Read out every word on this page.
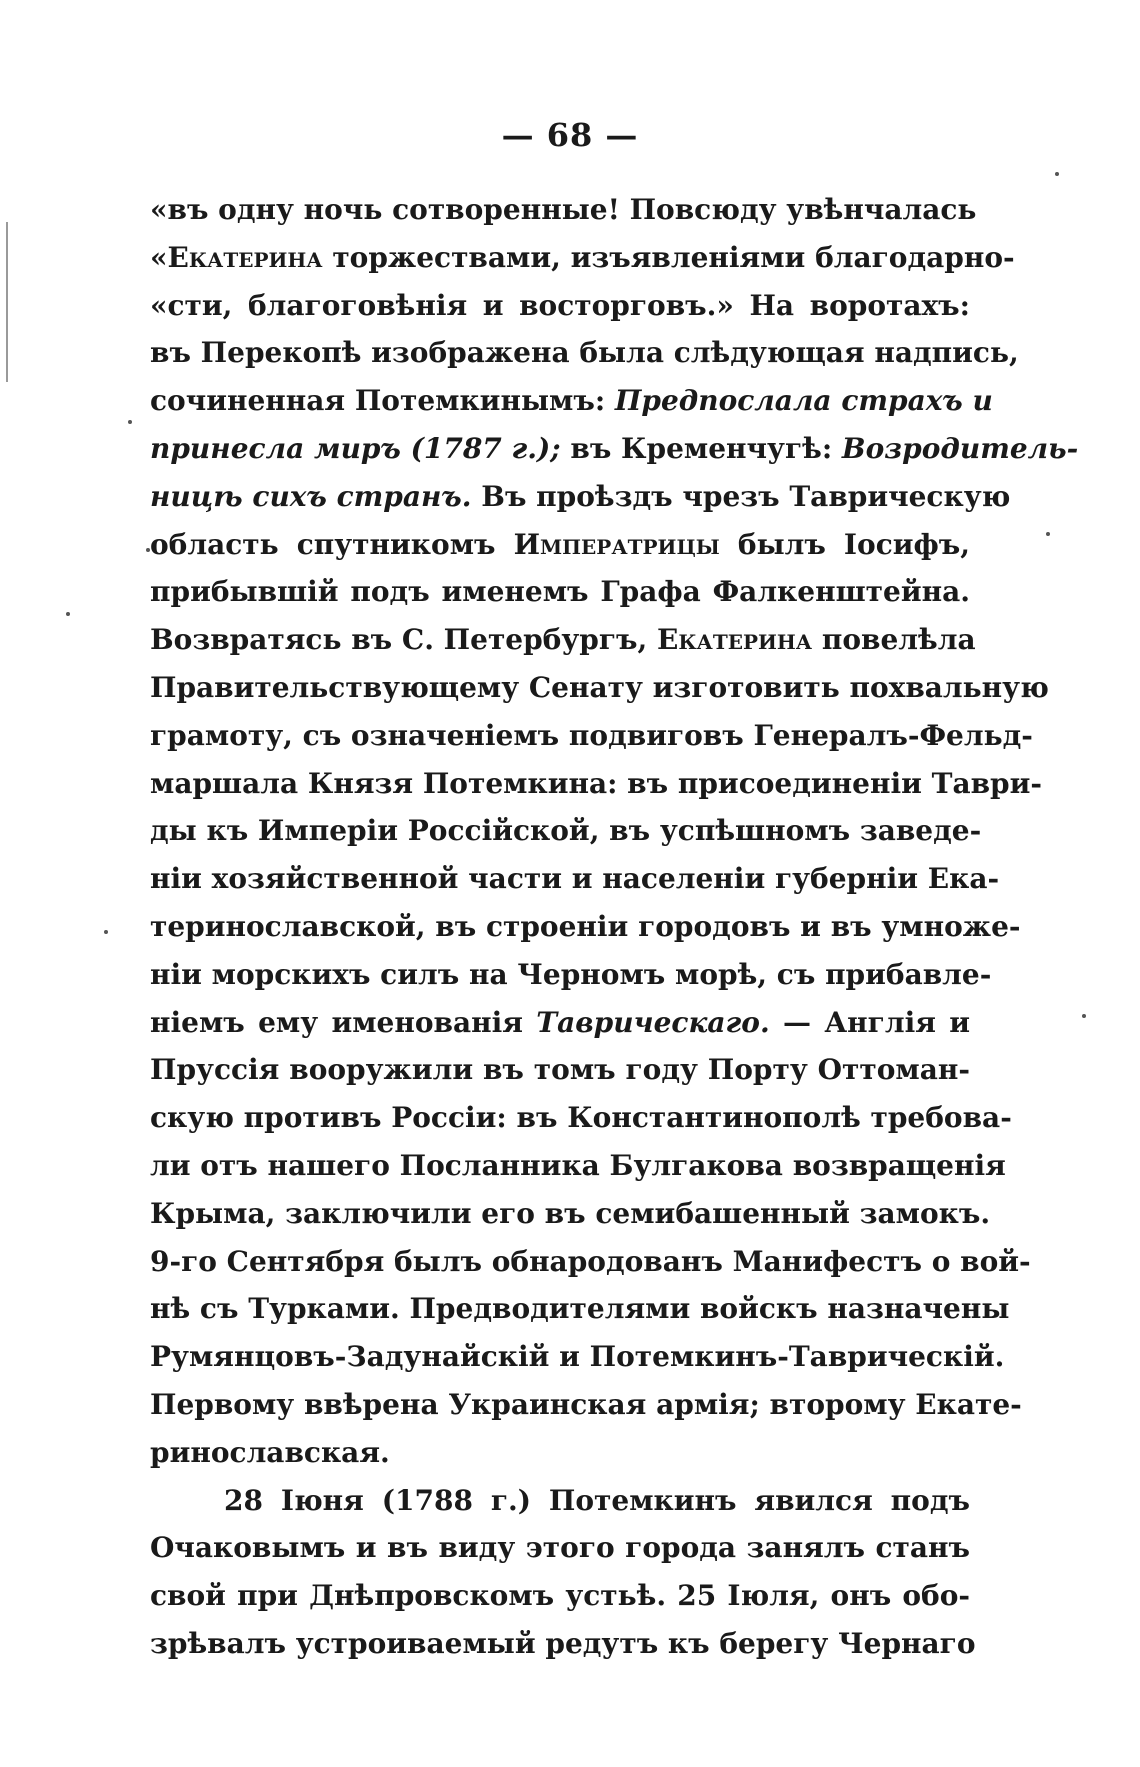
— 68 —
«въ одну ночь сотворенные! Повсюду увѣнчалась
«Екатерина торжествами, изъявленіями благодарно-
«сти, благоговѣнія и восторговъ.» На воротахъ:
въ Перекопѣ изображена была слѣдующая надпись,
сочиненная Потемкинымъ: Предпослала страхъ и
принесла миръ (1787 г.); въ Кременчугѣ: Возродитель-
ницѣ сихъ странъ. Въ проѣздъ чрезъ Таврическую
область спутникомъ Императрицы былъ Іосифъ,
прибывшій подъ именемъ Графа Фалкенштейна.
Возвратясь въ С. Петербургъ, Екатерина повелѣла
Правительствующему Сенату изготовить похвальную
грамоту, съ означеніемъ подвиговъ Генералъ-Фельд-
маршала Князя Потемкина: въ присоединеніи Таври-
ды къ Имперіи Россійской, въ успѣшномъ заведе-
ніи хозяйственной части и населеніи губерніи Ека-
теринославской, въ строеніи городовъ и въ умноже-
ніи морскихъ силъ на Черномъ морѣ, съ прибавле-
ніемъ ему именованія Таврическаго. — Англія и
Пруссія вооружили въ томъ году Порту Оттоман-
скую противъ Россіи: въ Константинополѣ требова-
ли отъ нашего Посланника Булгакова возвращенія
Крыма, заключили его въ семибашенный замокъ.
9-го Сентября былъ обнародованъ Манифестъ о вой-
нѣ съ Турками. Предводителями войскъ назначены
Румянцовъ-Задунайскій и Потемкинъ-Таврическій.
Первому ввѣрена Украинская армія; второму Екате-
ринославская.
28 Іюня (1788 г.) Потемкинъ явился подъ
Очаковымъ и въ виду этого города занялъ станъ
свой при Днѣпровскомъ устьѣ. 25 Іюля, онъ обо-
зрѣвалъ устроиваемый редутъ къ берегу Чернаго
